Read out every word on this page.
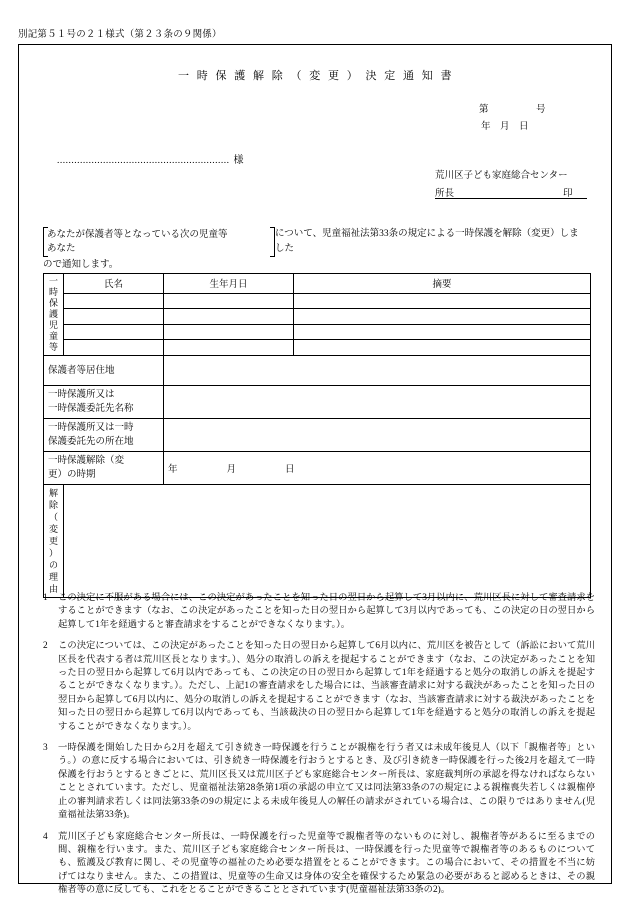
別記第５１号の２１様式（第２３条の９関係）
一 時 保 護 解 除 （ 変 更 ） 決 定 通 知 書
第　　　　　号
年　月　日
............................................................ 様
荒川区子ども家庭総合センター
所長	印
あなたが保護者等となっている次の児童等
あなたについて、児童福祉法第33条の規定による一時保護を解除（変更）しました
ので通知します。
一
時
保
護
児
童
等
	氏名	生年月日	摘要

保護者等居住地			
一時保護所又は
一時保護委託先名称			
一時保護所又は一時
保護委託先の所在地			
一時保護解除（変
更）の時期		年　　月　　日	
解 除 （ 変 更 ） の 理 由			
1	この決定に不服がある場合には、この決定があったことを知った日の翌日から起算して3月以内に、荒川区長に対して審査請求をすることができます（なお、この決定があったことを知った日の翌日から起算して3月以内であっても、この決定の日の翌日から起算して1年を経過すると審査請求をすることができなくなります。）。
2	この決定については、この決定があったことを知った日の翌日から起算して6月以内に、荒川区を被告として（訴訟において荒川区長を代表する者は荒川区長となります。）、処分の取消しの訴えを提起することができます（なお、この決定があったことを知った日の翌日から起算して6月以内であっても、この決定の日の翌日から起算して1年を経過すると処分の取消しの訴えを提起することができなくなります。）。ただし、上記1の審査請求をした場合には、当該審査請求に対する裁決があったことを知った日の翌日から起算して6月以内に、処分の取消しの訴えを提起することができます（なお、当該審査請求に対する裁決があったことを知った日の翌日から起算して6月以内であっても、当該裁決の日の翌日から起算して1年を経過すると処分の取消しの訴えを提起することができなくなります。）。
3	一時保護を開始した日から2月を超えて引き続き一時保護を行うことが親権を行う者又は未成年後見人（以下「親権者等」という。）の意に反する場合においては、引き続き一時保護を行おうとするとき、及び引き続き一時保護を行った後2月を超えて一時保護を行おうとするときごとに、荒川区長又は荒川区子ども家庭総合センター所長は、家庭裁判所の承認を得なければならないこととされています。ただし、児童福祉法第28条第1項の承認の申立て又は同法第33条の7の規定による親権喪失若しくは親権停止の審判請求若しくは同法第33条の9の規定による未成年後見人の解任の請求がされている場合は、この限りではありません(児童福祉法第33条)。
4	荒川区子ども家庭総合センター所長は、一時保護を行った児童等で親権者等のないものに対し、親権者等があるに至るまでの間、親権を行います。また、荒川区子ども家庭総合センター所長は、一時保護を行った児童等で親権者等のあるものについても、監護及び教育に関し、その児童等の福祉のため必要な措置をとることができます。この場合において、その措置を不当に妨げてはなりません。また、この措置は、児童等の生命又は身体の安全を確保するため緊急の必要があると認めるときは、その親権者等の意に反しても、これをとることができることとされています(児童福祉法第33条の2)。
